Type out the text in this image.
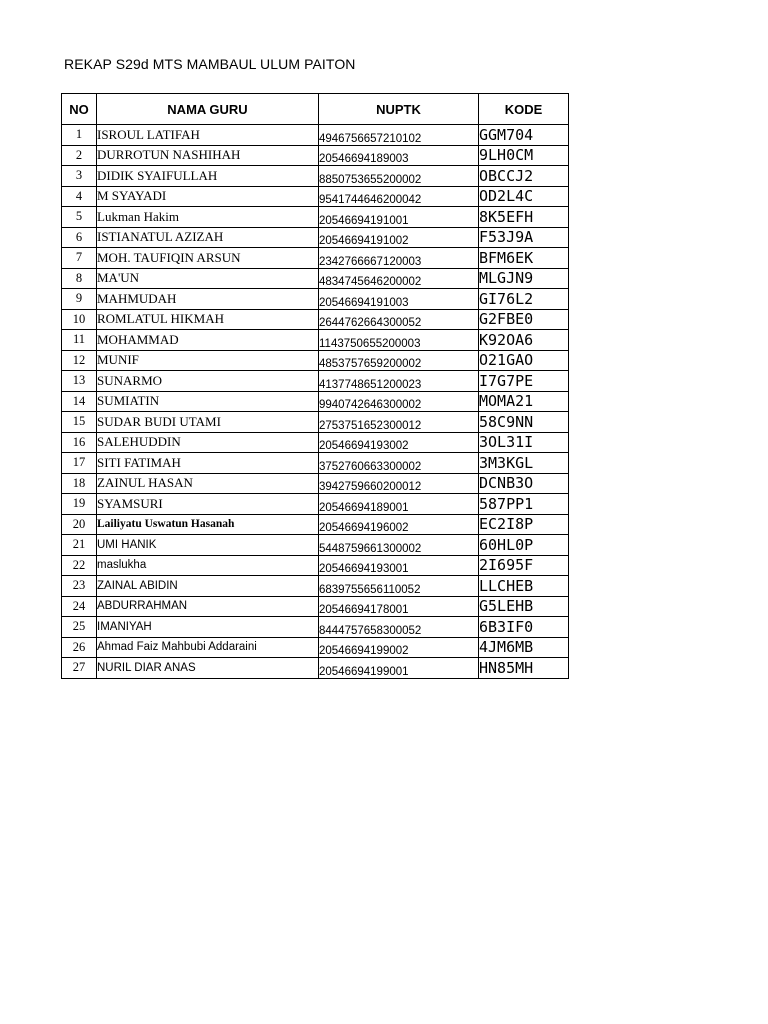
REKAP S29d MTS MAMBAUL ULUM PAITON
NO	NAMA GURU	NUPTK	KODE
1	ISROUL LATIFAH	4946756657210102	GGM704
2	DURROTUN NASHIHAH	20546694189003	9LH0CM
3	DIDIK SYAIFULLAH	8850753655200002	OBCCJ2
4	M SYAYADI	9541744646200042	OD2L4C
5	Lukman Hakim	20546694191001	8K5EFH
6	ISTIANATUL AZIZAH	20546694191002	F53J9A
7	MOH. TAUFIQIN ARSUN	2342766667120003	BFM6EK
8	MA'UN	4834745646200002	MLGJN9
9	MAHMUDAH	20546694191003	GI76L2
10	ROMLATUL HIKMAH	2644762664300052	G2FBE0
11	MOHAMMAD	1143750655200003	K92OA6
12	MUNIF	4853757659200002	O21GAO
13	SUNARMO	4137748651200023	I7G7PE
14	SUMIATIN	9940742646300002	MOMA21
15	SUDAR BUDI UTAMI	2753751652300012	58C9NN
16	SALEHUDDIN	20546694193002	3OL31I
17	SITI FATIMAH	3752760663300002	3M3KGL
18	ZAINUL HASAN	3942759660200012	DCNB3O
19	SYAMSURI	20546694189001	587PP1
20	Lailiyatu Uswatun Hasanah	20546694196002	EC2I8P
21	UMI HANIK	5448759661300002	60HL0P
22	maslukha	20546694193001	2I695F
23	ZAINAL ABIDIN	6839755656110052	LLCHEB
24	ABDURRAHMAN	20546694178001	G5LEHB
25	IMANIYAH	8444757658300052	6B3IF0
26	Ahmad Faiz Mahbubi Addaraini	20546694199002	4JM6MB
27	NURIL DIAR ANAS	20546694199001	HN85MH
